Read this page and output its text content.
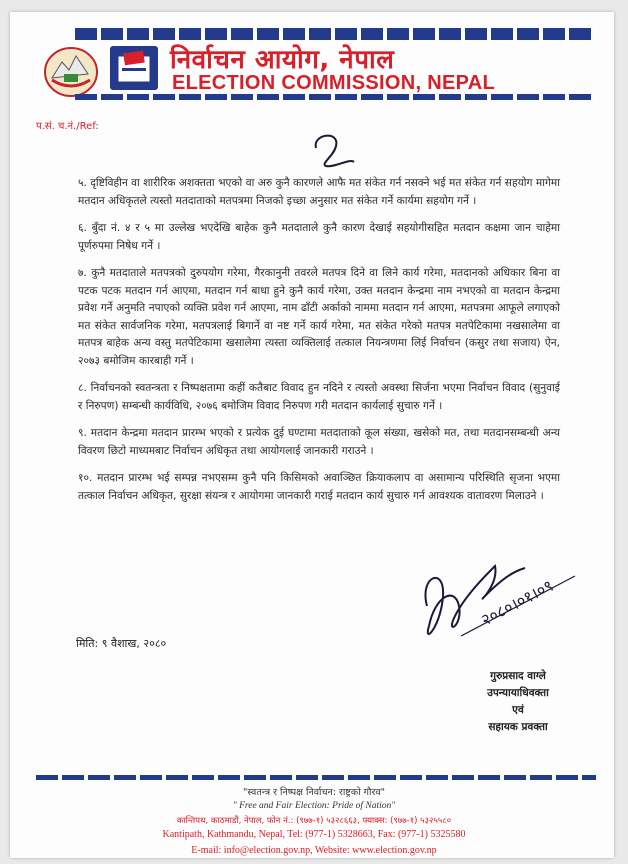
निर्वाचन आयोग, नेपाल
ELECTION COMMISSION, NEPAL
प.सं. च.नं./Ref:

५. दृष्टिविहीन वा शारीरिक अशक्तता भएको वा अरु कुनै कारणले आफै मत संकेत गर्न नसक्ने भई मत संकेत गर्न सहयोग मागेमा मतदान अधिकृतले त्यस्तो मतदाताको मतपत्रमा निजको इच्छा अनुसार मत संकेत गर्ने कार्यमा सहयोग गर्ने ।

६. बुँदा नं. ४ र ५ मा उल्लेख भएदेखि बाहेक कुनै मतदाताले कुनै कारण देखाई सहयोगीसहित मतदान कक्षमा जान चाहेमा पूर्णरुपमा निषेध गर्ने ।

७. कुनै मतदाताले मतपत्रको दुरुपयोग गरेमा, गैरकानुनी तवरले मतपत्र दिने वा लिने कार्य गरेमा, मतदानको अधिकार बिना वा पटक पटक मतदान गर्न आएमा, मतदान गर्न बाधा हुने कुनै कार्य गरेमा, उक्त मतदान केन्द्रमा नाम नभएको वा मतदान केन्द्रमा प्रवेश गर्ने अनुमति नपाएको व्यक्ति प्रवेश गर्न आएमा, नाम ढाँटी अर्काको नाममा मतदान गर्न आएमा, मतपत्रमा आफूले लगाएको मत संकेत सार्वजनिक गरेमा, मतपत्रलाई बिगार्ने वा नष्ट गर्ने कार्य गरेमा, मत संकेत गरेको मतपत्र मतपेटिकामा नखसालेमा वा मतपत्र बाहेक अन्य वस्तु मतपेटिकामा खसालेमा त्यस्ता व्यक्तिलाई तत्काल नियन्त्रणमा लिई निर्वाचन (कसुर तथा सजाय) ऐन, २०७३ बमोजिम कारबाही गर्ने ।

८. निर्वाचनको स्वतन्त्रता र निष्पक्षतामा कहीं कतैबाट विवाद हुन नदिने र त्यस्तो अवस्था सिर्जना भएमा निर्वाचन विवाद (सुनुवाई र निरुपण) सम्बन्धी कार्यविधि, २०७६ बमोजिम विवाद निरुपण गरी मतदान कार्यलाई सुचारु गर्ने ।

९. मतदान केन्द्रमा मतदान प्रारम्भ भएको र प्रत्येक दुई घण्टामा मतदाताको कूल संख्या, खसेको मत, तथा मतदानसम्बन्धी अन्य विवरण छिटो माध्यमबाट निर्वाचन अधिकृत तथा आयोगलाई जानकारी गराउने ।

१०. मतदान प्रारम्भ भई सम्पन्न नभएसम्म कुनै पनि किसिमको अवाञ्छित क्रियाकलाप वा असामान्य परिस्थिति सृजना भएमा तत्काल निर्वाचन अधिकृत, सुरक्षा संयन्त्र र आयोगमा जानकारी गराई मतदान कार्य सुचारु गर्न आवश्यक वातावरण मिलाउने ।

२०८०।०१।०९
मिति: ९ वैशाख, २०८०
गुरुप्रसाद वाग्ले
उपन्यायाधिवक्ता
एवं
सहायक प्रवक्ता
"स्वतन्त्र र निष्पक्ष निर्वाचन: राष्ट्रको गौरव"
" Free and Fair Election: Pride of Nation"
कान्तिपथ, काठमाडौं, नेपाल, फोन नं.: (९७७-१) ५३२८६६३, फ्याक्स: (९७७-१) ५३२५५८०
Kantipath, Kathmandu, Nepal, Tel: (977-1) 5328663, Fax: (977-1) 5325580
E-mail: info@election.gov.np, Website: www.election.gov.np
